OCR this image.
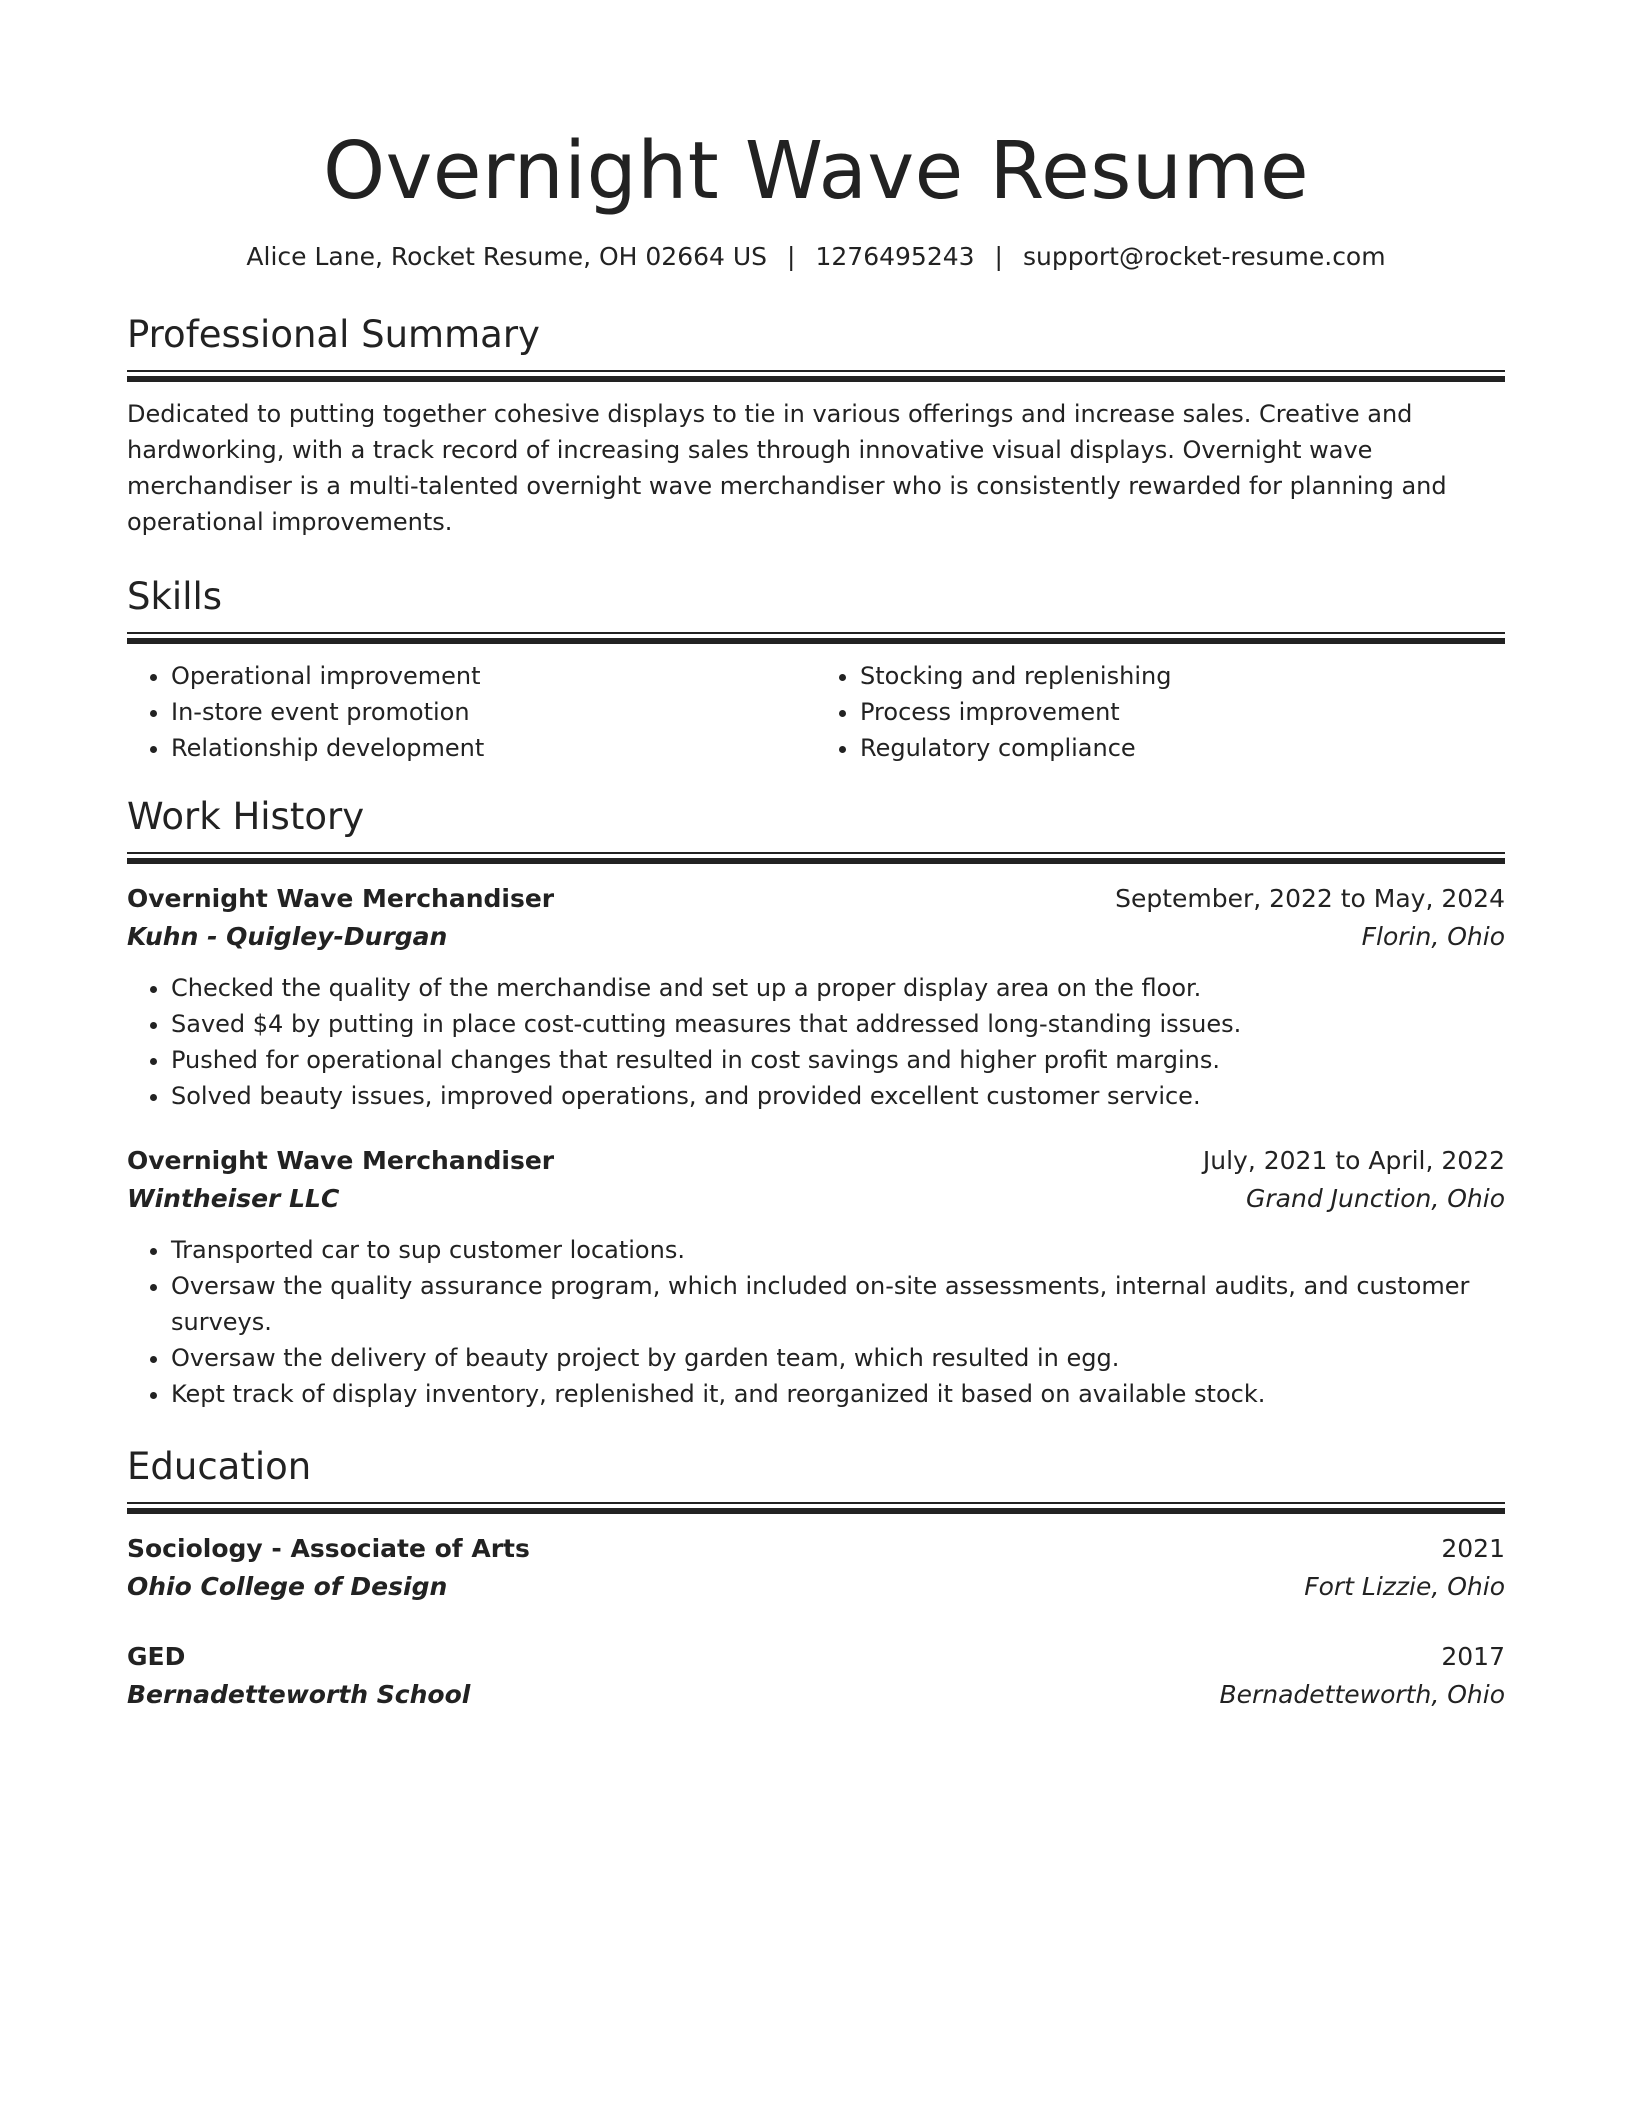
Overnight Wave Resume
Alice Lane, Rocket Resume, OH 02664 US | 1276495243 | support@rocket-resume.com
Professional Summary
Dedicated to putting together cohesive displays to tie in various offerings and increase sales. Creative and hardworking, with a track record of increasing sales through innovative visual displays. Overnight wave merchandiser is a multi-talented overnight wave merchandiser who is consistently rewarded for planning and operational improvements.
Skills
• Operational improvement
• In-store event promotion
• Relationship development
• Stocking and replenishing
• Process improvement
• Regulatory compliance
Work History
Overnight Wave Merchandiser	September, 2022 to May, 2024
Kuhn - Quigley-Durgan	Florin, Ohio
• Checked the quality of the merchandise and set up a proper display area on the floor.
• Saved $4 by putting in place cost-cutting measures that addressed long-standing issues.
• Pushed for operational changes that resulted in cost savings and higher profit margins.
• Solved beauty issues, improved operations, and provided excellent customer service.
Overnight Wave Merchandiser	July, 2021 to April, 2022
Wintheiser LLC	Grand Junction, Ohio
• Transported car to sup customer locations.
• Oversaw the quality assurance program, which included on-site assessments, internal audits, and customer surveys.
• Oversaw the delivery of beauty project by garden team, which resulted in egg.
• Kept track of display inventory, replenished it, and reorganized it based on available stock.
Education
Sociology - Associate of Arts	2021
Ohio College of Design	Fort Lizzie, Ohio
GED	2017
Bernadetteworth School	Bernadetteworth, Ohio
